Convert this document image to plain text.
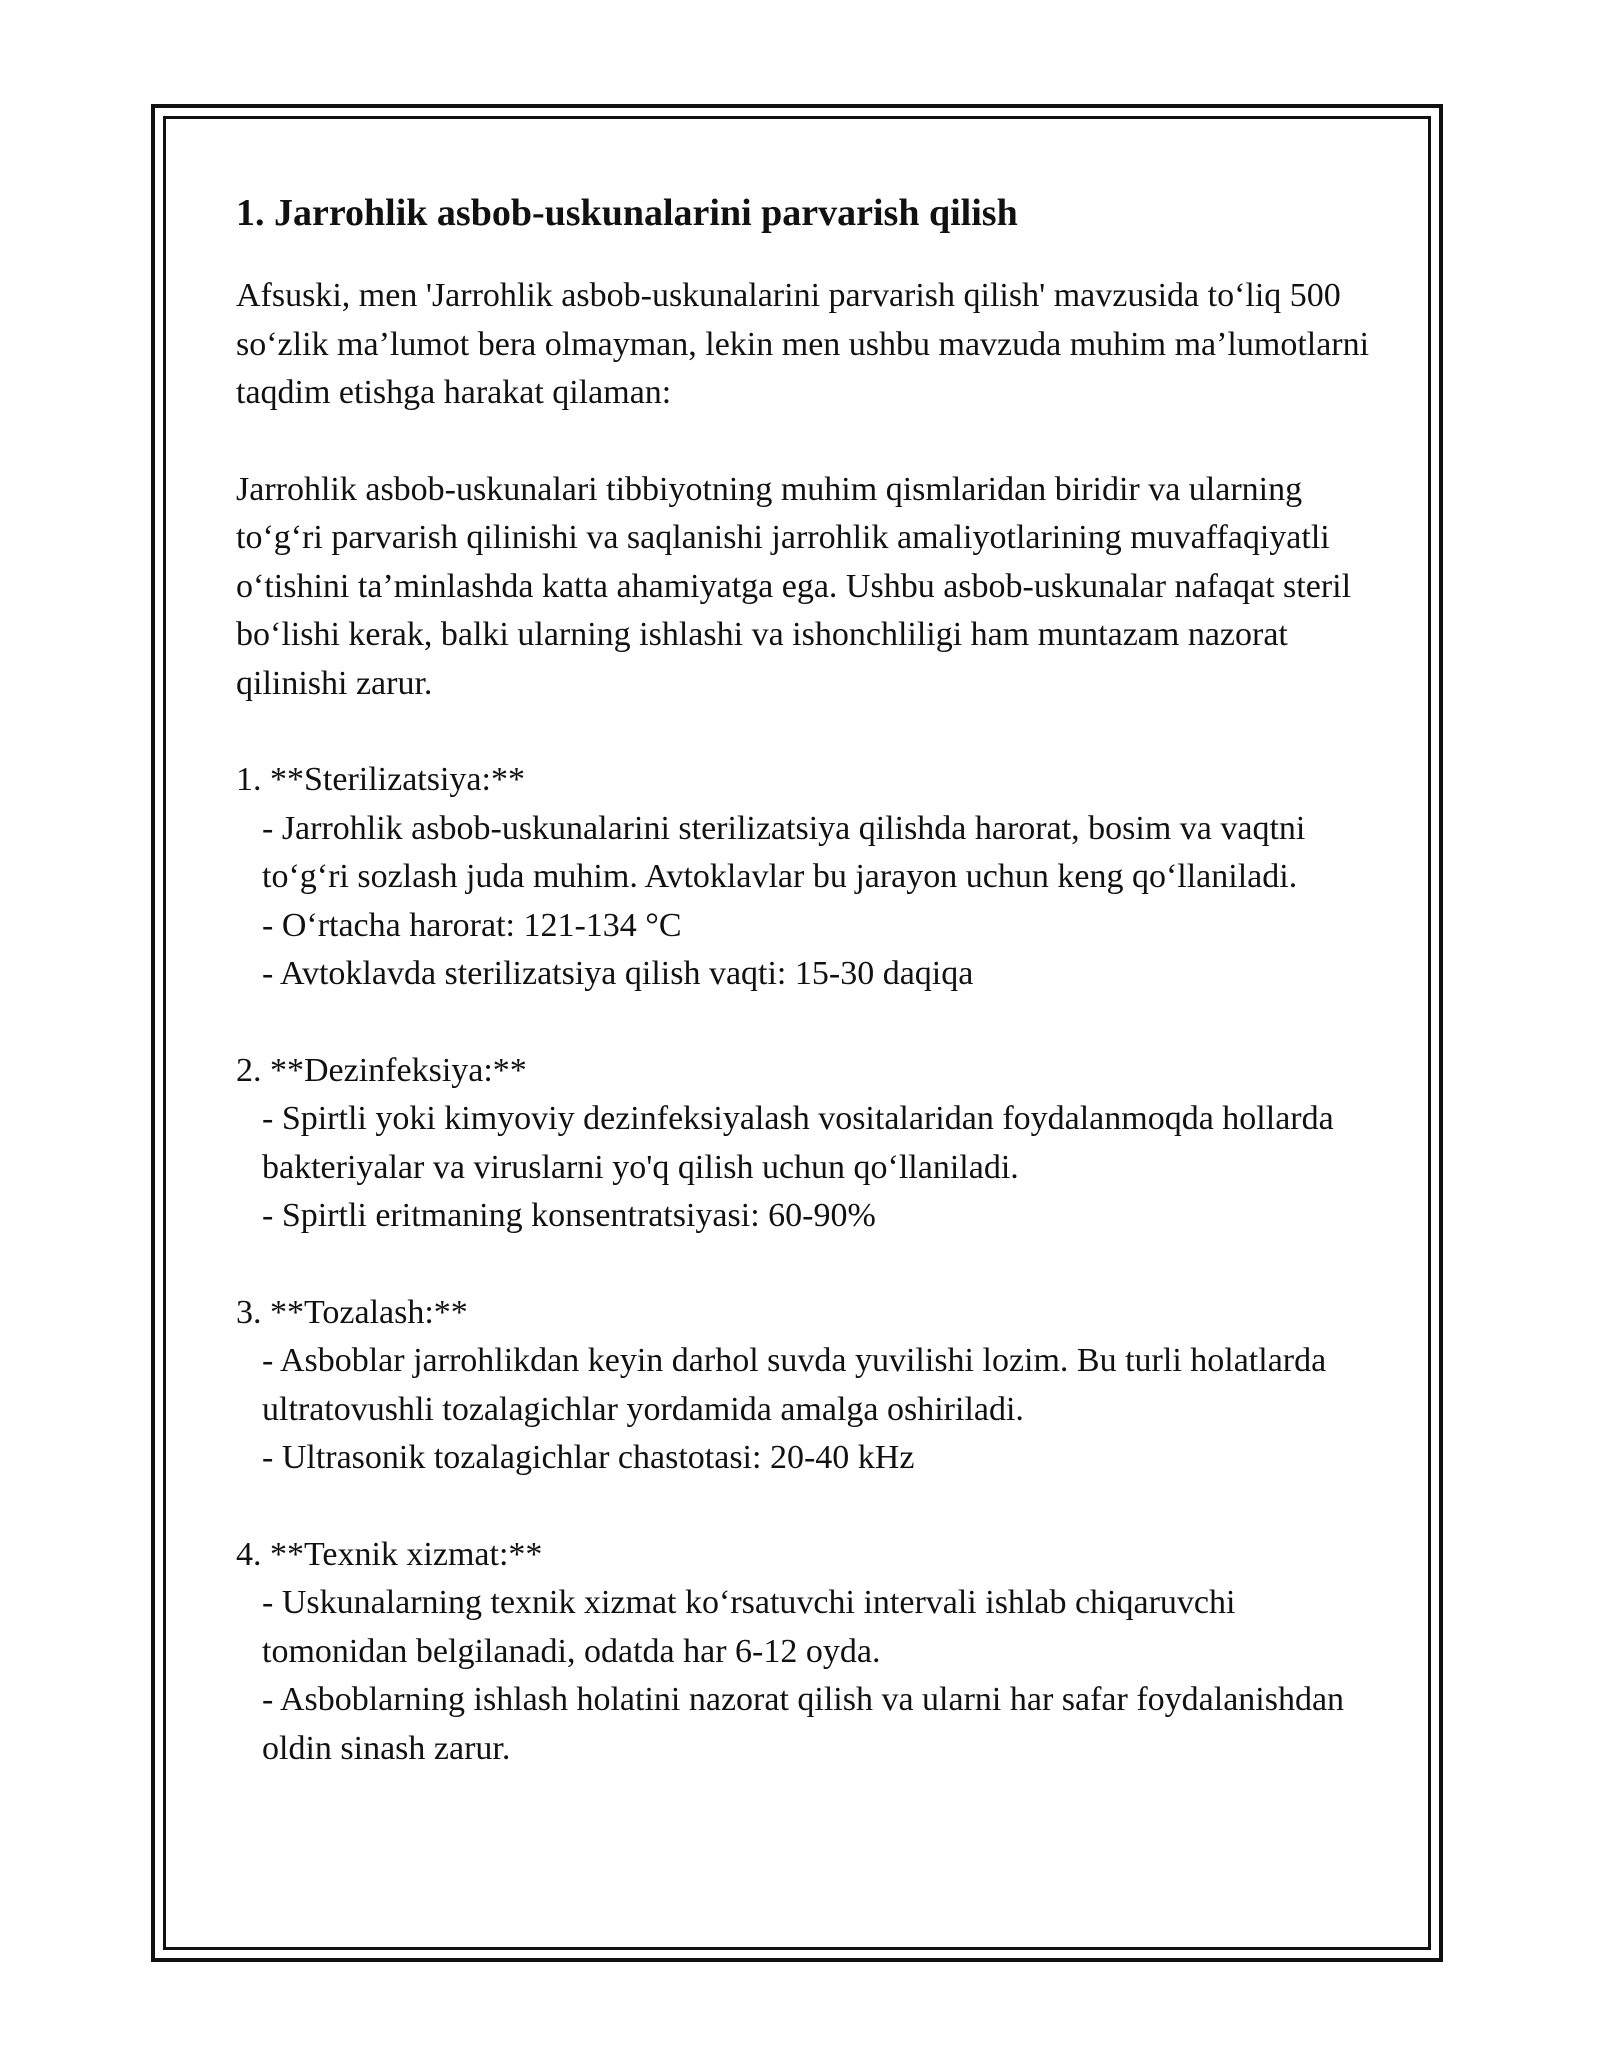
1. Jarrohlik asbob-uskunalarini parvarish qilish

Afsuski, men 'Jarrohlik asbob-uskunalarini parvarish qilish' mavzusida to‘liq 500 so‘zlik ma’lumot bera olmayman, lekin men ushbu mavzuda muhim ma’lumotlarni taqdim etishga harakat qilaman:

Jarrohlik asbob-uskunalari tibbiyotning muhim qismlaridan biridir va ularning to‘g‘ri parvarish qilinishi va saqlanishi jarrohlik amaliyotlarining muvaffaqiyatli o‘tishini ta’minlashda katta ahamiyatga ega. Ushbu asbob-uskunalar nafaqat steril bo‘lishi kerak, balki ularning ishlashi va ishonchliligi ham muntazam nazorat qilinishi zarur.

1. **Sterilizatsiya:**
- Jarrohlik asbob-uskunalarini sterilizatsiya qilishda harorat, bosim va vaqtni to‘g‘ri sozlash juda muhim. Avtoklavlar bu jarayon uchun keng qo‘llaniladi.
- O‘rtacha harorat: 121-134 °C
- Avtoklavda sterilizatsiya qilish vaqti: 15-30 daqiqa
2. **Dezinfeksiya:**
- Spirtli yoki kimyoviy dezinfeksiyalash vositalaridan foydalanmoqda hollarda bakteriyalar va viruslarni yo'q qilish uchun qo‘llaniladi.
- Spirtli eritmaning konsentratsiyasi: 60-90%
3. **Tozalash:**
- Asboblar jarrohlikdan keyin darhol suvda yuvilishi lozim. Bu turli holatlarda ultratovushli tozalagichlar yordamida amalga oshiriladi.
- Ultrasonik tozalagichlar chastotasi: 20-40 kHz
4. **Texnik xizmat:**
- Uskunalarning texnik xizmat ko‘rsatuvchi intervali ishlab chiqaruvchi tomonidan belgilanadi, odatda har 6-12 oyda.
- Asboblarning ishlash holatini nazorat qilish va ularni har safar foydalanishdan oldin sinash zarur.
